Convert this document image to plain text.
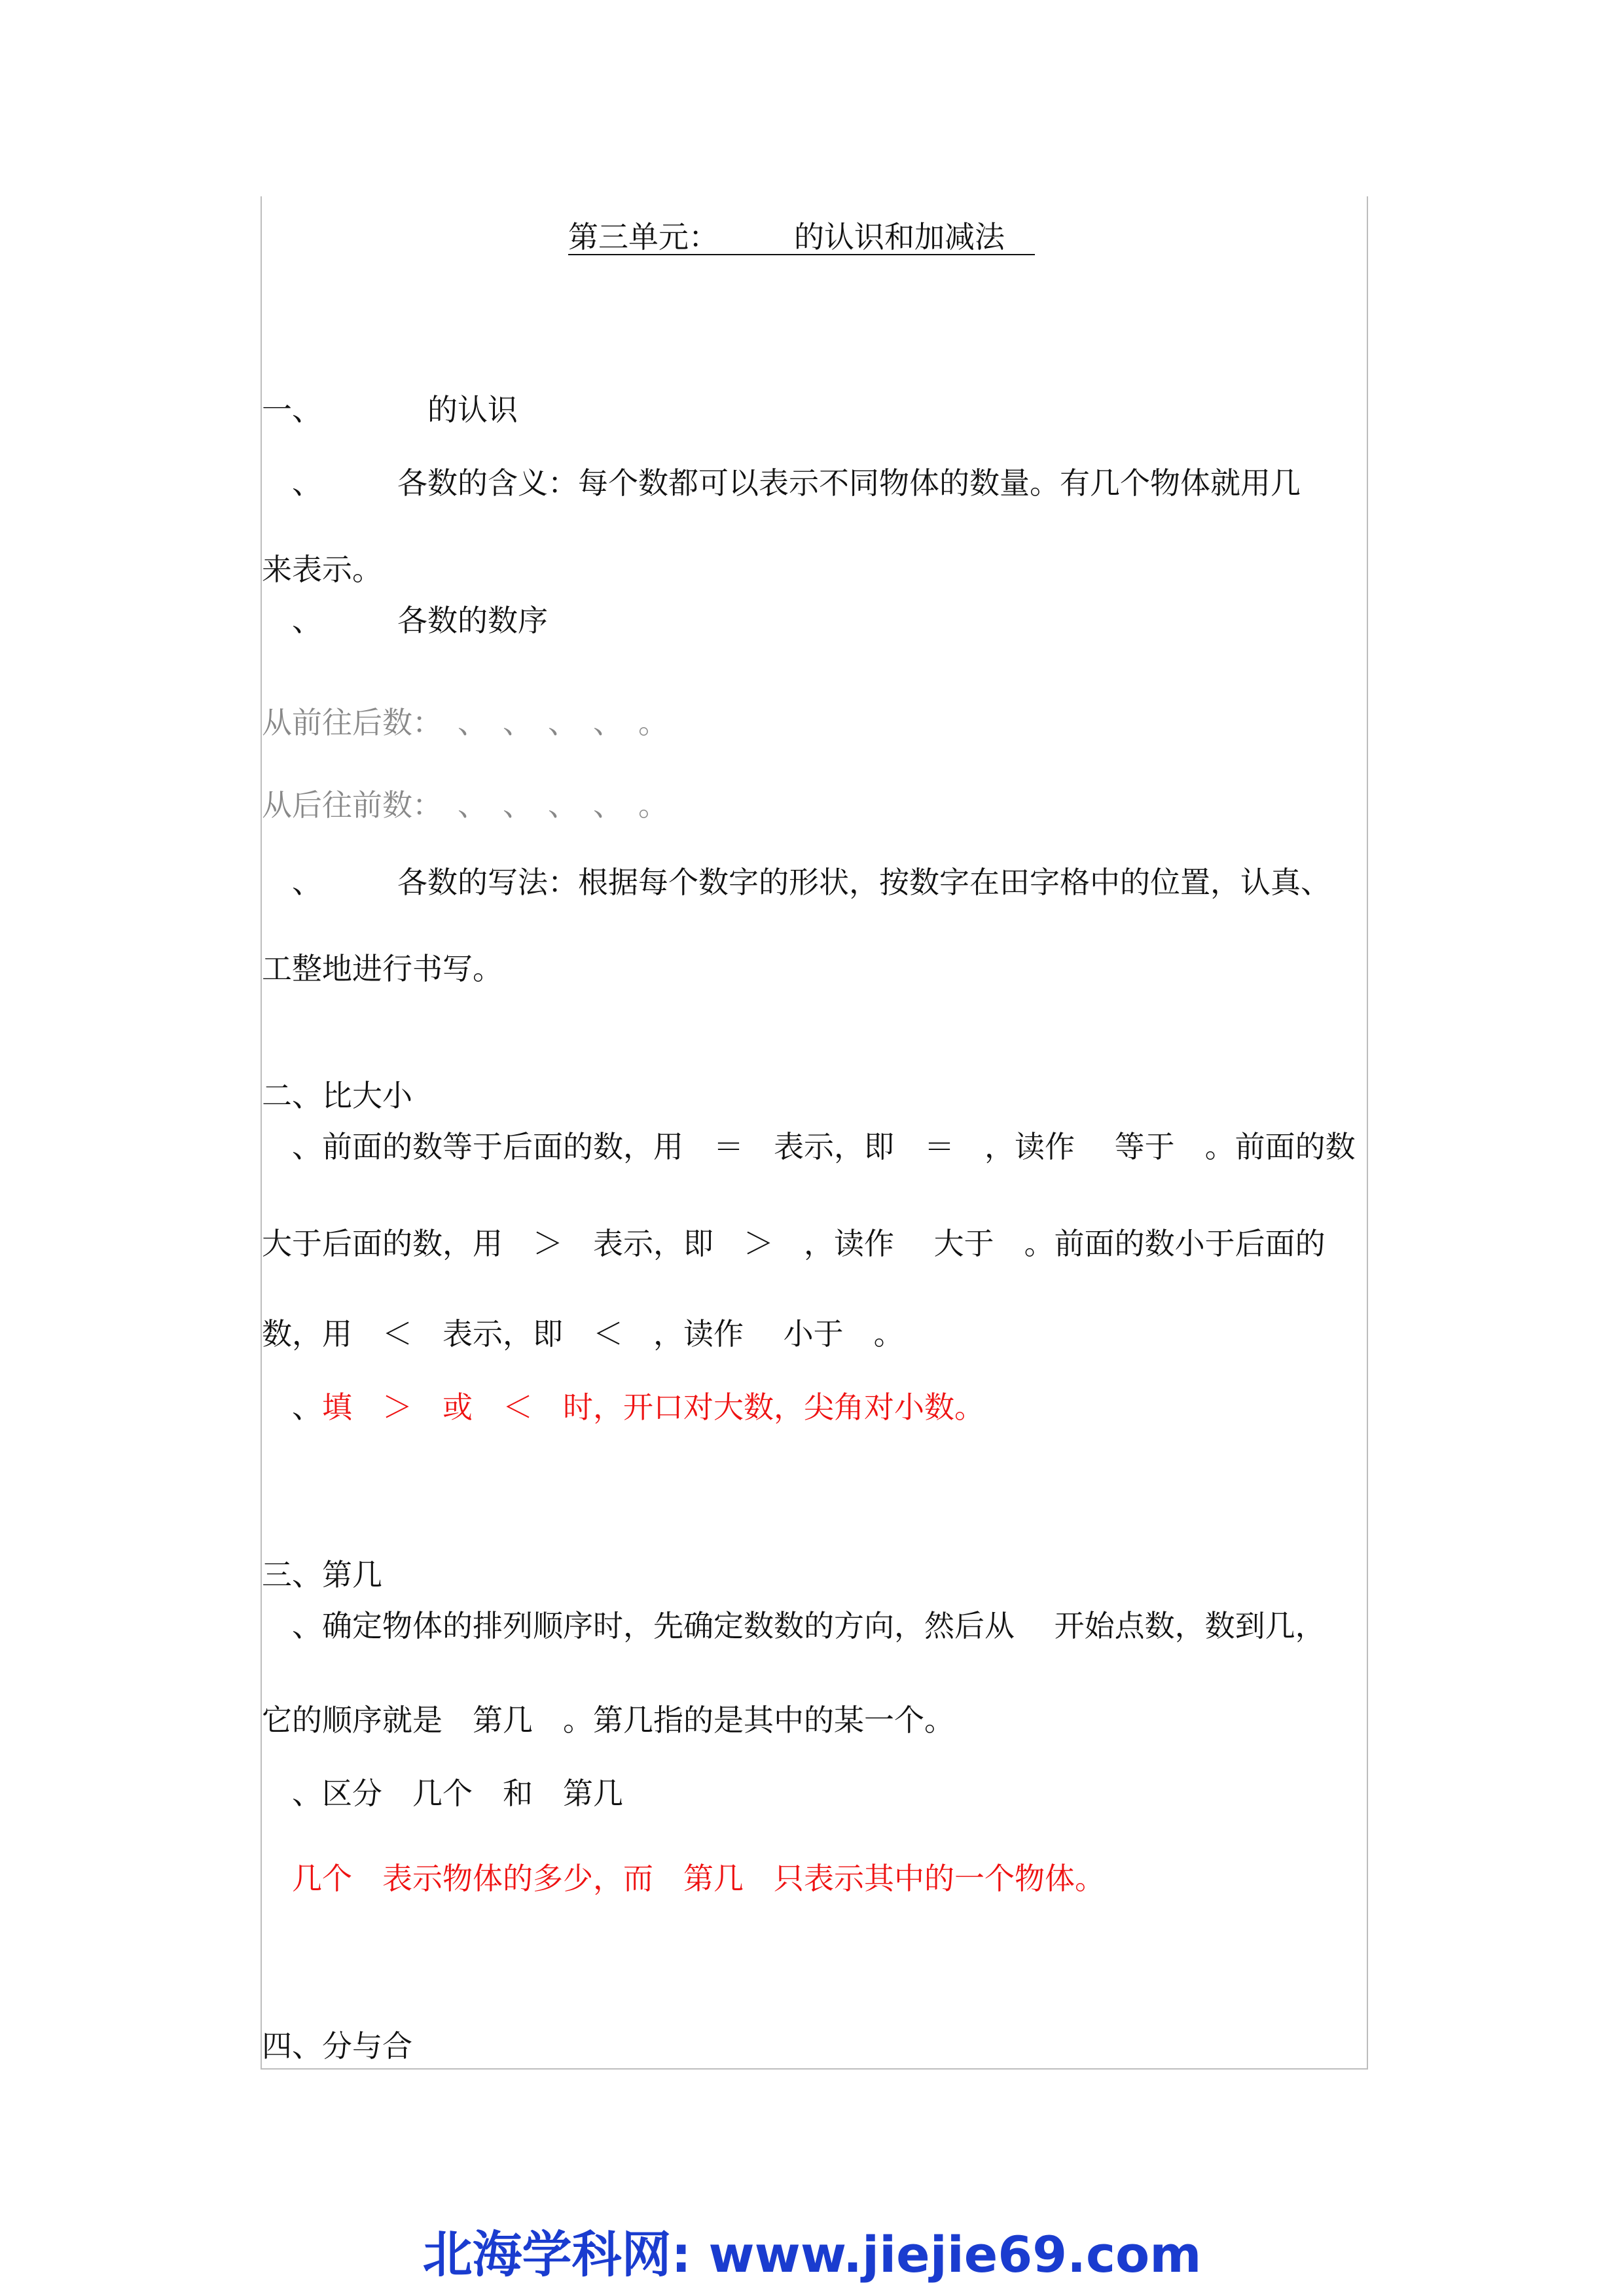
第三单元：　　　的认识和加减法　
一、　　　　的认识
　、　　　各数的含义：每个数都可以表示不同物体的数量。有几个物体就用几
来表示。
　、　　　各数的数序
从前往后数：　、　、　、　、　。
从后往前数：　、　、　、　、　。
　、　　　各数的写法：根据每个数字的形状，按数字在田字格中的位置，认真、
工整地进行书写。
二、比大小
　、前面的数等于后面的数，用　＝　表示，即　＝　，读作　 等于　。前面的数
大于后面的数，用　＞　表示，即　＞　，读作　 大于　。前面的数小于后面的
数，用　＜　表示，即　＜　，读作　 小于　。
　、填　＞　或　＜　时，开口对大数，尖角对小数。
三、第几
　、确定物体的排列顺序时，先确定数数的方向，然后从　 开始点数，数到几，
它的顺序就是　第几　。第几指的是其中的某一个。
　、区分　几个　和　第几
　几个　表示物体的多少，而　第几　只表示其中的一个物体。
四、分与合
北海学科网: www.jiejie69.com
